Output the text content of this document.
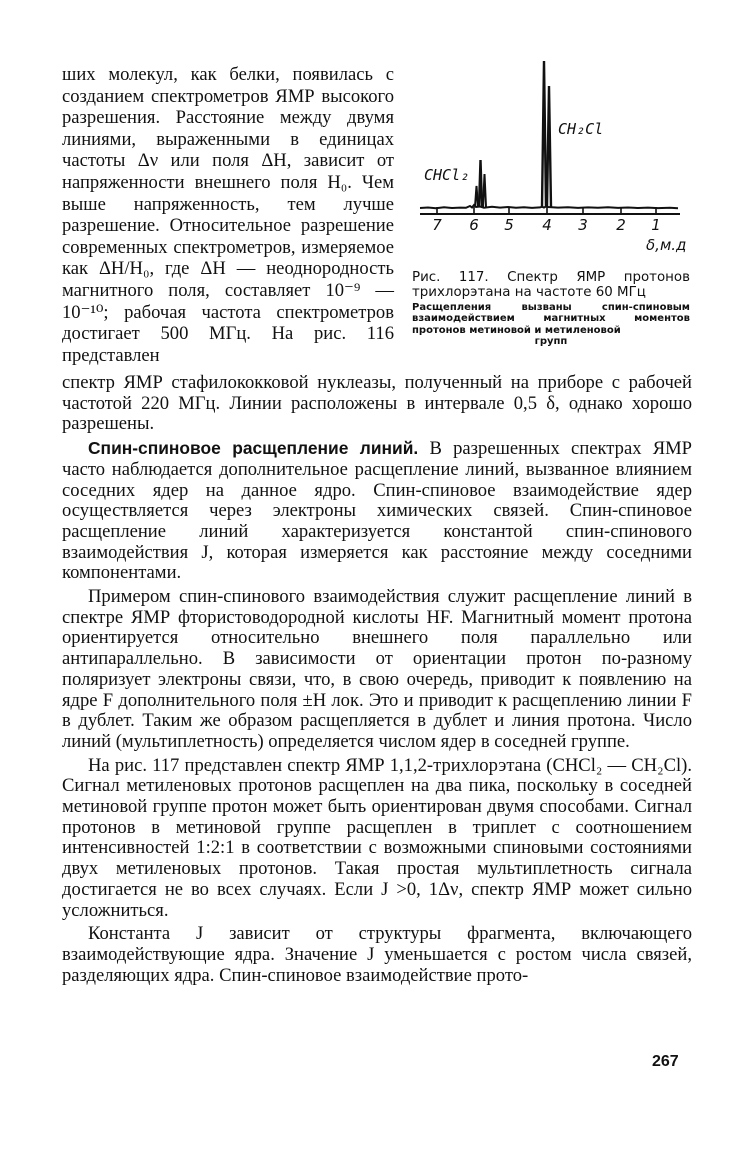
ших молекул, как белки, появилась с созданием спектрометров ЯМР высокого разрешения. Расстояние между двумя линиями, выраженными в единицах частоты Δν или поля ΔH, зависит от напряженности внешнего поля H₀. Чем выше напряженность, тем лучше разрешение. Относительное разрешение современных спектрометров, измеряемое как ΔH/H₀, где ΔH — неоднородность магнитного поля, составляет 10⁻⁹ — 10⁻¹⁰; рабочая частота спектрометров достигает 500 МГц. На рис. 116 представлен

CHCl₂
CH₂Cl
7 6 5 4 3 2 1
δ,м.д

Рис. 117. Спектр ЯМР протонов трихлорэтана на частоте 60 МГц

Расщепления вызваны спин-спиновым взаимодействием магнитных моментов протонов метиновой и метиленовой

групп

спектр ЯМР стафилококковой нуклеазы, полученный на приборе с рабочей частотой 220 МГц. Линии расположены в интервале 0,5 δ, однако хорошо разрешены.

Спин-спиновое расщепление линий. В разрешенных спектрах ЯМР часто наблюдается дополнительное расщепление линий, вызванное влиянием соседних ядер на данное ядро. Спин-спиновое взаимодействие ядер осуществляется через электроны химических связей. Спин-спиновое расщепление линий характеризуется константой спин-спинового взаимодействия J, которая измеряется как расстояние между соседними компонентами.

Примером спин-спинового взаимодействия служит расщепление линий в спектре ЯМР фтористоводородной кислоты HF. Магнитный момент протона ориентируется относительно внешнего поля параллельно или антипараллельно. В зависимости от ориентации протон по-разному поляризует электроны связи, что, в свою очередь, приводит к появлению на ядре F дополнительного поля ±H лок. Это и приводит к расщеплению линии F в дублет. Таким же образом расщепляется в дублет и линия протона. Число линий (мультиплетность) определяется числом ядер в соседней группе.

На рис. 117 представлен спектр ЯМР 1,1,2-трихлорэтана (CHCl₂ — CH₂Cl). Сигнал метиленовых протонов расщеплен на два пика, поскольку в соседней метиновой группе протон может быть ориентирован двумя способами. Сигнал протонов в метиновой группе расщеплен в триплет с соотношением интенсивностей 1:2:1 в соответствии с возможными спиновыми состояниями двух метиленовых протонов. Такая простая мультиплетность сигнала достигается не во всех случаях. Если J >0, 1Δν, спектр ЯМР может сильно усложниться.

Константа J зависит от структуры фрагмента, включающего взаимодействующие ядра. Значение J уменьшается с ростом числа связей, разделяющих ядра. Спин-спиновое взаимодействие прото-

267
